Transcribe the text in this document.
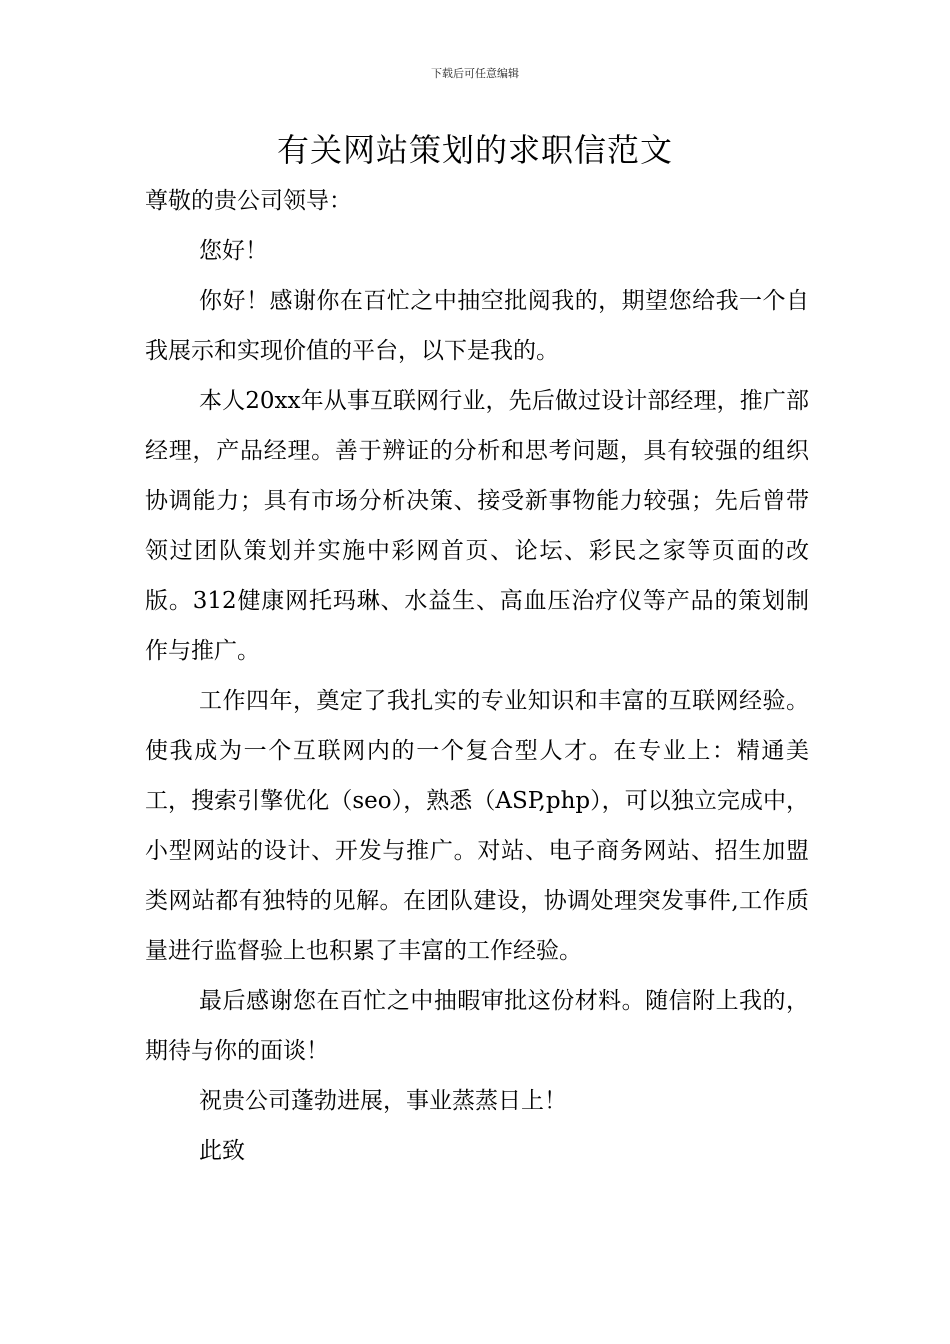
下载后可任意编辑
有关网站策划的求职信范文

尊敬的贵公司领导：

您好！

你好！感谢你在百忙之中抽空批阅我的，期望您给我一个自我展示和实现价值的平台，以下是我的。

本人20xx年从事互联网行业，先后做过设计部经理，推广部经理，产品经理。善于辨证的分析和思考问题，具有较强的组织协调能力；具有市场分析决策、接受新事物能力较强；先后曾带领过团队策划并实施中彩网首页、论坛、彩民之家等页面的改版。312健康网托玛琳、水益生、高血压治疗仪等产品的策划制作与推广。

工作四年，奠定了我扎实的专业知识和丰富的互联网经验。使我成为一个互联网内的一个复合型人才。在专业上：精通美工，搜索引擎优化（seo），熟悉（ASP,php），可以独立完成中，小型网站的设计、开发与推广。对站、电子商务网站、招生加盟类网站都有独特的见解。在团队建设，协调处理突发事件,工作质量进行监督验上也积累了丰富的工作经验。

最后感谢您在百忙之中抽暇审批这份材料。随信附上我的，期待与你的面谈！

祝贵公司蓬勃进展，事业蒸蒸日上！

此致
